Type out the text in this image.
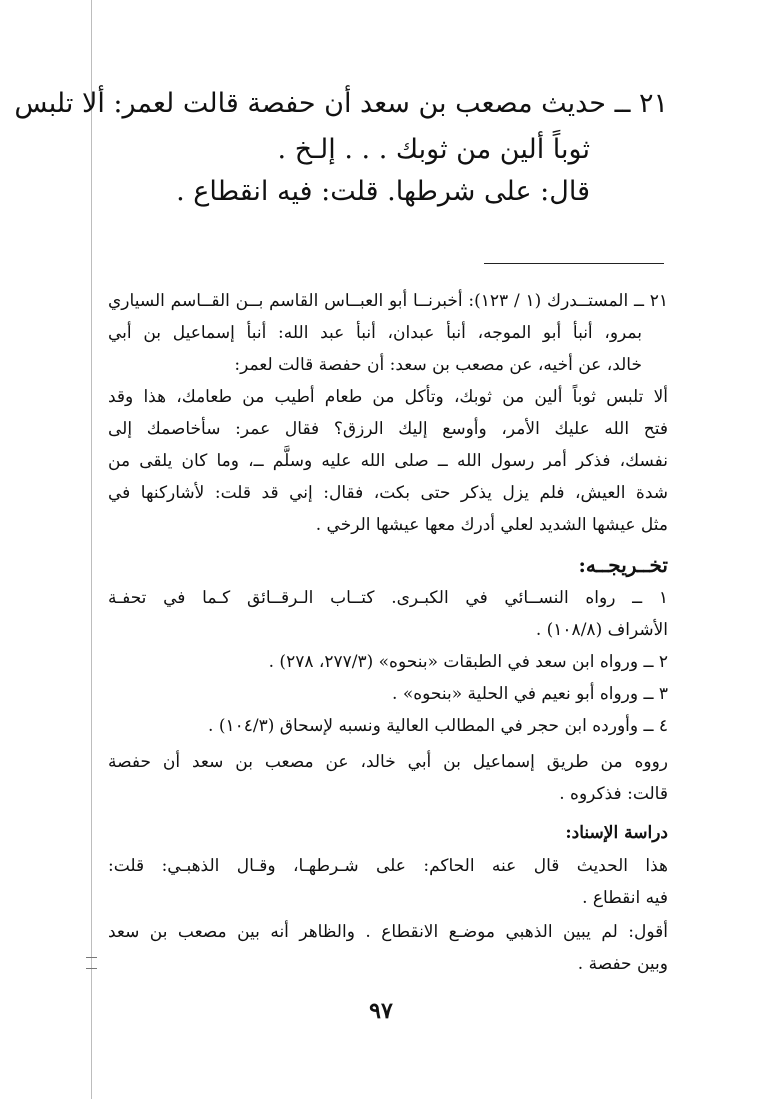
٢١ ــ حديث مصعب بن سعد أن حفصة قالت لعمر: ألا تلبس
ثوباً ألين من ثوبك . . . إلـخ .
قال: على شرطها. قلت: فيه انقطاع .
٢١ ــ المستــدرك (١ / ١٢٣): أخبرنــا أبو العبــاس القاسم بــن القــاسم السياري
بمرو، أنبأ أبو الموجه، أنبأ عبدان، أنبأ عبد الله: أنبأ إسماعيل بن أبي
خالد، عن أخيه، عن مصعب بن سعد: أن حفصة قالت لعمر:
ألا تلبس ثوباً ألين من ثوبك، وتأكل من طعام أطيب من طعامك، هذا وقد
فتح الله عليك الأمر، وأوسع إليك الرزق؟ فقال عمر: سأخاصمك إلى
نفسك، فذكر أمر رسول الله ــ صلى الله عليه وسلَّم ــ، وما كان يلقى من
شدة العيش، فلم يزل يذكر حتى بكت، فقال: إني قد قلت: لأشاركنها في
مثل عيشها الشديد لعلي أدرك معها عيشها الرخي .
تخــريجــه:
١ ــ رواه النســائي في الكبـرى. كتــاب الـرقــائق كـما في تحفـة
الأشراف (١٠٨/٨) .
٢ ــ ورواه ابن سعد في الطبقات «بنحوه» (٢٧٧/٣، ٢٧٨) .
٣ ــ ورواه أبو نعيم في الحلية «بنحوه» .
٤ ــ وأورده ابن حجر في المطالب العالية ونسبه لإسحاق (١٠٤/٣) .
رووه من طريق إسماعيل بن أبي خالد، عن مصعب بن سعد أن حفصة
قالت: فذكروه .
دراسة الإسناد:
هذا الحديث قال عنه الحاكم: على شـرطهـا، وقـال الذهبـي: قلت:
فيه انقطاع .
أقول: لم يبين الذهبي موضـع الانقطاع . والظاهر أنه بين مصعب بن سعد
وبين حفصة .
٩٧
